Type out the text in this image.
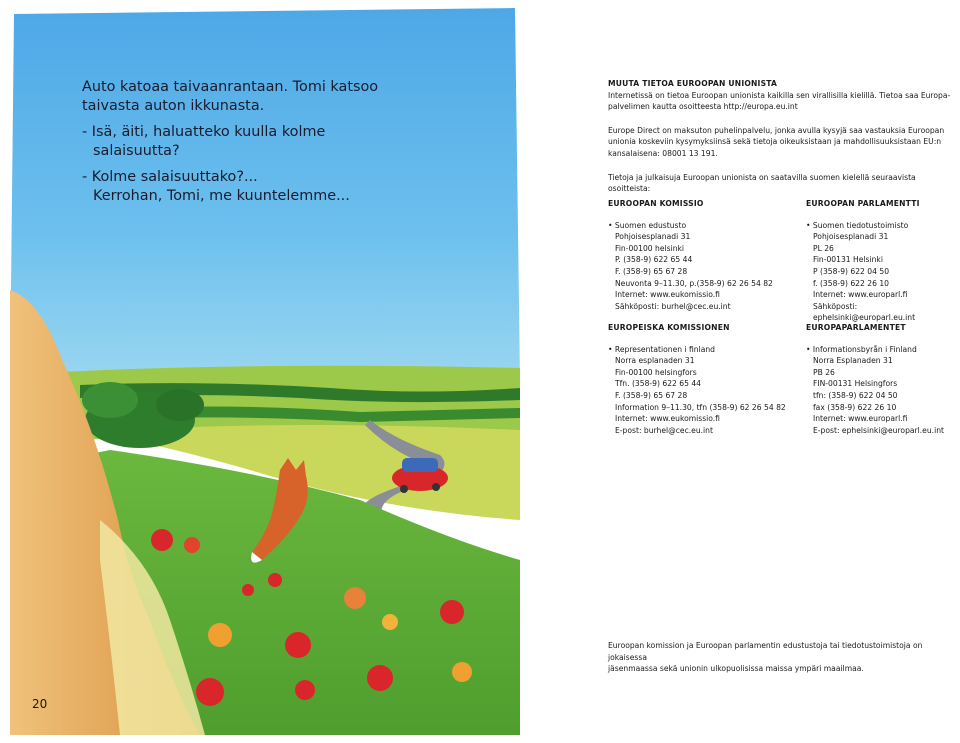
Auto katoaa taivaanrantaan. Tomi katsoo
taivasta auton ikkunasta.

- Isä, äiti, haluatteko kuulla kolme
salaisuutta?

- Kolme salaisuuttako?...
Kerrohan, Tomi, me kuuntelemme...

20

MUUTA TIETOA EUROOPAN UNIONISTA

Internetissä on tietoa Euroopan unionista kaikilla sen virallisilla kielillä. Tietoa saa Europa-

palvelimen kautta osoitteesta http://europa.eu.int

Europe Direct on maksuton puhelinpalvelu, jonka avulla kysyjä saa vastauksia Euroopan

unionia koskeviin kysymyksiinsä sekä tietoja oikeuksistaan ja mahdollisuuksistaan EU:n

kansalaisena: 08001 13 191.

Tietoja ja julkaisuja Euroopan unionista on saatavilla suomen kielellä seuraavista osoitteista:

EUROOPAN KOMISSIO
• Suomen edustusto
Pohjoisesplanadi 31
Fin-00100 helsinki
P. (358-9) 622 65 44
F. (358-9) 65 67 28
Neuvonta 9–11.30, p.(358-9) 62 26 54 82
Internet: www.eukomissio.fi
Sähköposti: burhel@cec.eu.int
EUROOPAN PARLAMENTTI
• Suomen tiedotustoimisto
Pohjoisesplanadi 31
PL 26
Fin-00131 Helsinki
P (358-9) 622 04 50
f. (358-9) 622 26 10
Internet: www.europarl.fi
Sähköposti: ephelsinki@europarl.eu.int
EUROPEISKA KOMISSIONEN
• Representationen i finland
Norra esplanaden 31
Fin-00100 helsingfors
Tfn. (358-9) 622 65 44
F. (358-9) 65 67 28
Information 9–11.30, tfn (358-9) 62 26 54 82
Internet: www.eukomissio.fi
E-post: burhel@cec.eu.int
EUROPAPARLAMENTET
• Informationsbyrån i Finland
Norra Esplanaden 31
PB 26
FIN-00131 Helsingfors
tfn: (358-9) 622 04 50
fax (358-9) 622 26 10
Internet: www.europarl.fi
E-post: ephelsinki@europarl.eu.int
Euroopan komission ja Euroopan parlamentin edustustoja tai tiedotustoimistoja on jokaisessa
jäsenmaassa sekä unionin ulkopuolisissa maissa ympäri maailmaa.
